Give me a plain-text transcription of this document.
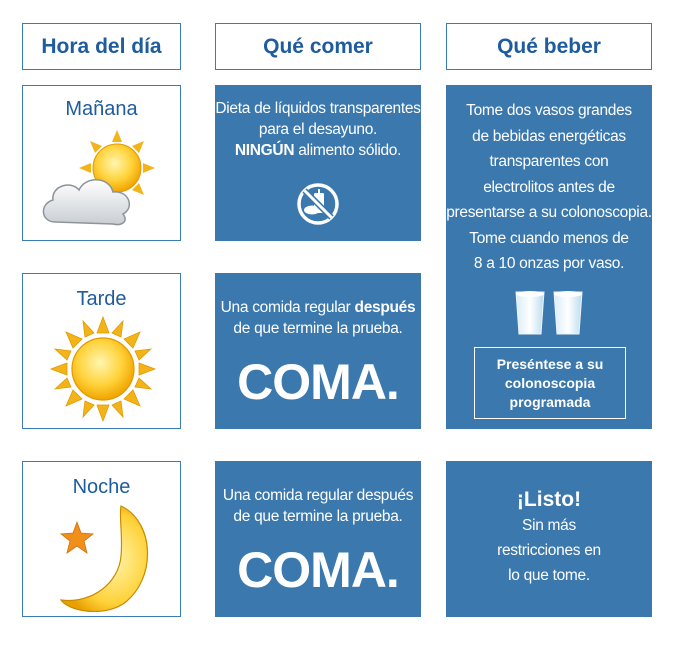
Hora del día	Qué comer	Qué beber
Mañana
Tarde
Noche
Dieta de líquidos transparentes
para el desayuno.
NINGÚN alimento sólido.
Una comida regular después
de que termine la prueba.
COMA.
Una comida regular después
de que termine la prueba.
COMA.
Tome dos vasos grandes
de bebidas energéticas
transparentes con
electrolitos antes de
presentarse a su colonoscopia.
Tome cuando menos de
8 a 10 onzas por vaso.
Preséntese a su
colonoscopia
programada
¡Listo!
Sin más
restricciones en
lo que tome.
